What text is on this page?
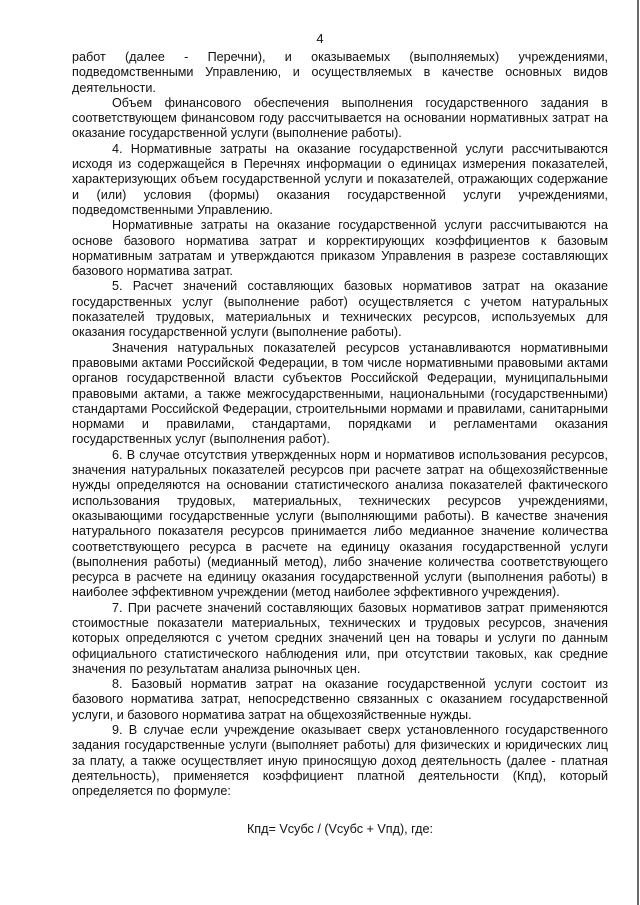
4

работ (далее - Перечни), и оказываемых (выполняемых) учреждениями, подведомственными Управлению, и осуществляемых в качестве основных видов деятельности.

Объем финансового обеспечения выполнения государственного задания в соответствующем финансовом году рассчитывается на основании нормативных затрат на оказание государственной услуги (выполнение работы).

4. Нормативные затраты на оказание государственной услуги рассчитываются исходя из содержащейся в Перечнях информации о единицах измерения показателей, характеризующих объем государственной услуги и показателей, отражающих содержание и (или) условия (формы) оказания государственной услуги учреждениями, подведомственными Управлению.

Нормативные затраты на оказание государственной услуги рассчитываются на основе базового норматива затрат и корректирующих коэффициентов к базовым нормативным затратам и утверждаются приказом Управления в разрезе составляющих базового норматива затрат.

5. Расчет значений составляющих базовых нормативов затрат на оказание государственных услуг (выполнение работ) осуществляется с учетом натуральных показателей трудовых, материальных и технических ресурсов, используемых для оказания государственной услуги (выполнение работы).

Значения натуральных показателей ресурсов устанавливаются нормативными правовыми актами Российской Федерации, в том числе нормативными правовыми актами органов государственной власти субъектов Российской Федерации, муниципальными правовыми актами, а также межгосударственными, национальными (государственными) стандартами Российской Федерации, строительными нормами и правилами, санитарными нормами и правилами, стандартами, порядками и регламентами оказания государственных услуг (выполнения работ).

6. В случае отсутствия утвержденных норм и нормативов использования ресурсов, значения натуральных показателей ресурсов при расчете затрат на общехозяйственные нужды определяются на основании статистического анализа показателей фактического использования трудовых, материальных, технических ресурсов учреждениями, оказывающими государственные услуги (выполняющими работы). В качестве значения натурального показателя ресурсов принимается либо медианное значение количества соответствующего ресурса в расчете на единицу оказания государственной услуги (выполнения работы) (медианный метод), либо значение количества соответствующего ресурса в расчете на единицу оказания государственной услуги (выполнения работы) в наиболее эффективном учреждении (метод наиболее эффективного учреждения).

7. При расчете значений составляющих базовых нормативов затрат применяются стоимостные показатели материальных, технических и трудовых ресурсов, значения которых определяются с учетом средних значений цен на товары и услуги по данным официального статистического наблюдения или, при отсутствии таковых, как средние значения по результатам анализа рыночных цен.

8. Базовый норматив затрат на оказание государственной услуги состоит из базового норматива затрат, непосредственно связанных с оказанием государственной услуги, и базового норматива затрат на общехозяйственные нужды.

9. В случае если учреждение оказывает сверх установленного государственного задания государственные услуги (выполняет работы) для физических и юридических лиц за плату, а также осуществляет иную приносящую доход деятельность (далее - платная деятельность), применяется коэффициент платной деятельности (Кпд), который определяется по формуле:

Кпд= Vсубс / (Vсубс + Vпд), где:
